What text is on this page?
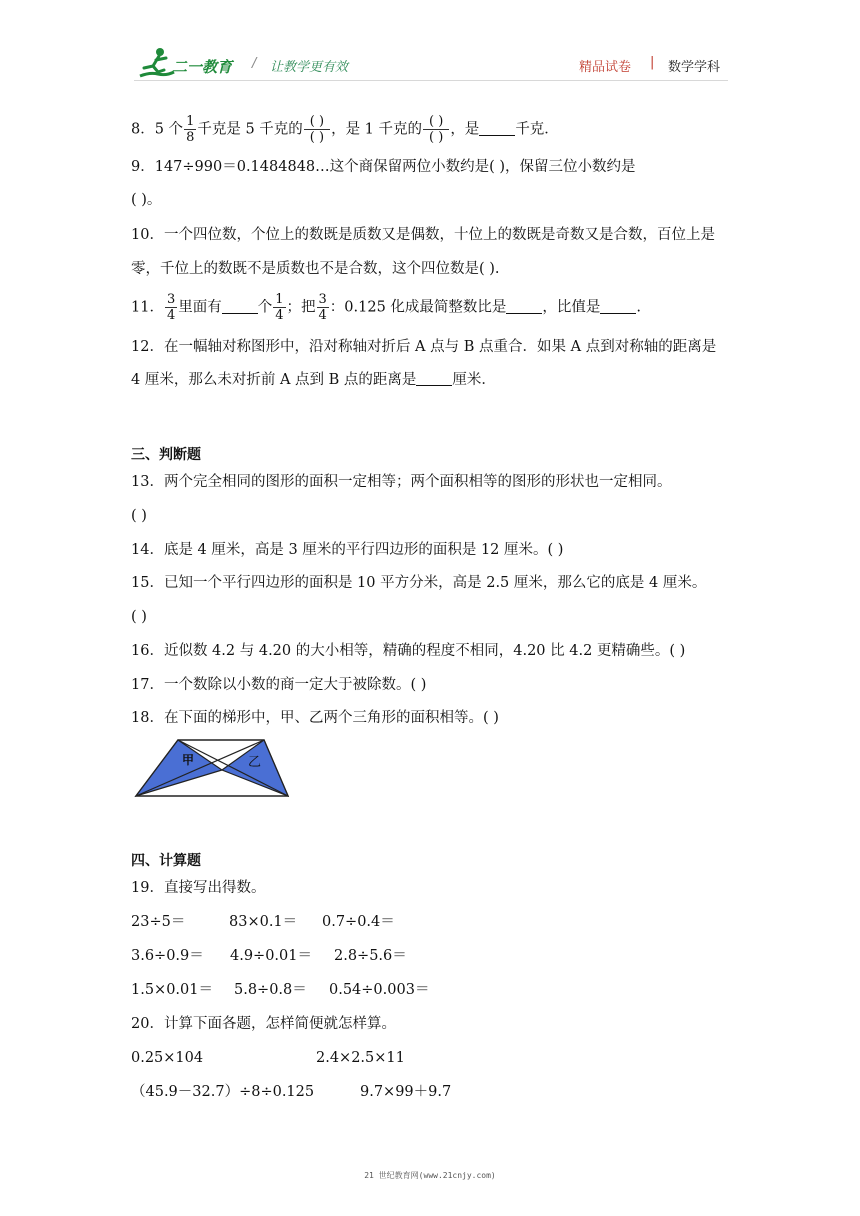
二一教育 / 让教学更有效	精品试卷 | 数学学科
8．5 个 $\frac{1}{8}$ 千克是 5 千克的 $\frac{( )}{( )}$ ，是 1 千克的 $\frac{( )}{( )}$ ，是 千克．
9．147÷990＝0.1484848…这个商保留两位小数约是( )，保留三位小数约是
( )。
10．一个四位数，个位上的数既是质数又是偶数，十位上的数既是奇数又是合数，百位上是
零，千位上的数既不是质数也不是合数，这个四位数是( ).
11． $\frac{3}{4}$ 里面有 个 $\frac{1}{4}$ ；把 $\frac{3}{4}$ ：0.125 化成最简整数比是 ，比值是 .
12．在一幅轴对称图形中，沿对称轴对折后 A 点与 B 点重合．如果 A 点到对称轴的距离是
4 厘米，那么未对折前 A 点到 B 点的距离是 厘米．
三、判断题
13．两个完全相同的图形的面积一定相等；两个面积相等的图形的形状也一定相同。
( )
14．底是 4 厘米，高是 3 厘米的平行四边形的面积是 12 厘米。( )
15．已知一个平行四边形的面积是 10 平方分米，高是 2.5 厘米，那么它的底是 4 厘米。
( )
16．近似数 4.2 与 4.20 的大小相等，精确的程度不相同，4.20 比 4.2 更精确些。( )
17．一个数除以小数的商一定大于被除数。( )
18．在下面的梯形中，甲、乙两个三角形的面积相等。( )
甲	乙
四、计算题
19．直接写出得数。
23÷5＝	83×0.1＝ 0.7÷0.4＝
3.6÷0.9＝ 4.9÷0.01＝ 2.8÷5.6＝
1.5×0.01＝ 5.8÷0.8＝ 0.54÷0.003＝
20．计算下面各题，怎样简便就怎样算。
0.25×104	2.4×2.5×11
（45.9－32.7）÷8÷0.125	9.7×99＋9.7
21 世纪教育网(www.21cnjy.com)
